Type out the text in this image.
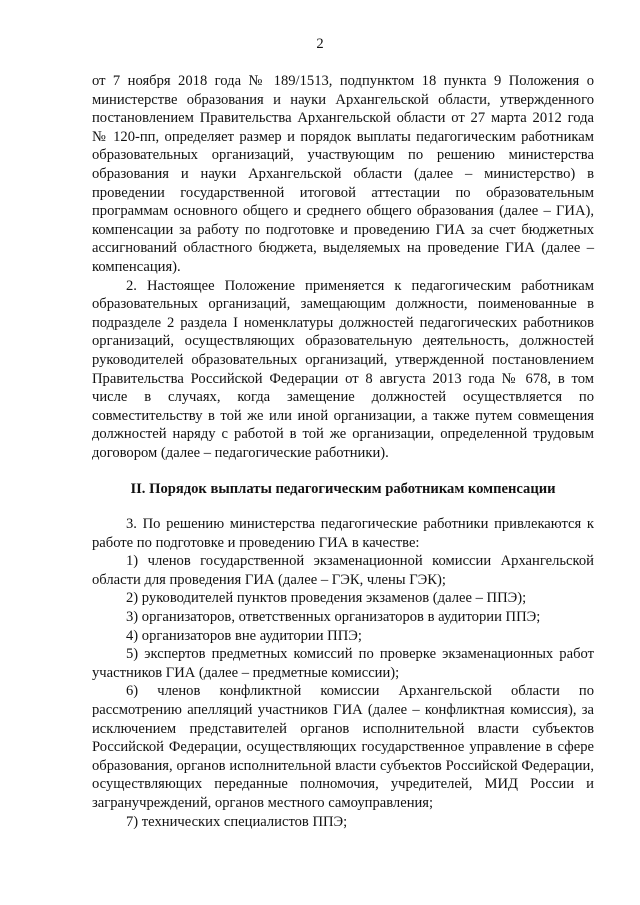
2

от 7 ноября 2018 года № 189/1513, подпунктом 18 пункта 9 Положения о министерстве образования и науки Архангельской области, утвержденного постановлением Правительства Архангельской области от 27 марта 2012 года № 120-пп, определяет размер и порядок выплаты педагогическим работникам образовательных организаций, участвующим по решению министерства образования и науки Архангельской области (далее – министерство) в проведении государственной итоговой аттестации по образовательным программам основного общего и среднего общего образования (далее – ГИА), компенсации за работу по подготовке и проведению ГИА за счет бюджетных ассигнований областного бюджета, выделяемых на проведение ГИА (далее – компенсация).

2. Настоящее Положение применяется к педагогическим работникам образовательных организаций, замещающим должности, поименованные в подразделе 2 раздела I номенклатуры должностей педагогических работников организаций, осуществляющих образовательную деятельность, должностей руководителей образовательных организаций, утвержденной постановлением Правительства Российской Федерации от 8 августа 2013 года № 678, в том числе в случаях, когда замещение должностей осуществляется по совместительству в той же или иной организации, а также путем совмещения должностей наряду с работой в той же организации, определенной трудовым договором (далее – педагогические работники).

II. Порядок выплаты педагогическим работникам компенсации

3. По решению министерства педагогические работники привлекаются к работе по подготовке и проведению ГИА в качестве:

1) членов государственной экзаменационной комиссии Архангельской области для проведения ГИА (далее – ГЭК, члены ГЭК);

2) руководителей пунктов проведения экзаменов (далее – ППЭ);

3) организаторов, ответственных организаторов в аудитории ППЭ;

4) организаторов вне аудитории ППЭ;

5) экспертов предметных комиссий по проверке экзаменационных работ участников ГИА (далее – предметные комиссии);

6) членов конфликтной комиссии Архангельской области по рассмотрению апелляций участников ГИА (далее – конфликтная комиссия), за исключением представителей органов исполнительной власти субъектов Российской Федерации, осуществляющих государственное управление в сфере образования, органов исполнительной власти субъектов Российской Федерации, осуществляющих переданные полномочия, учредителей, МИД России и загранучреждений, органов местного самоуправления;

7) технических специалистов ППЭ;
